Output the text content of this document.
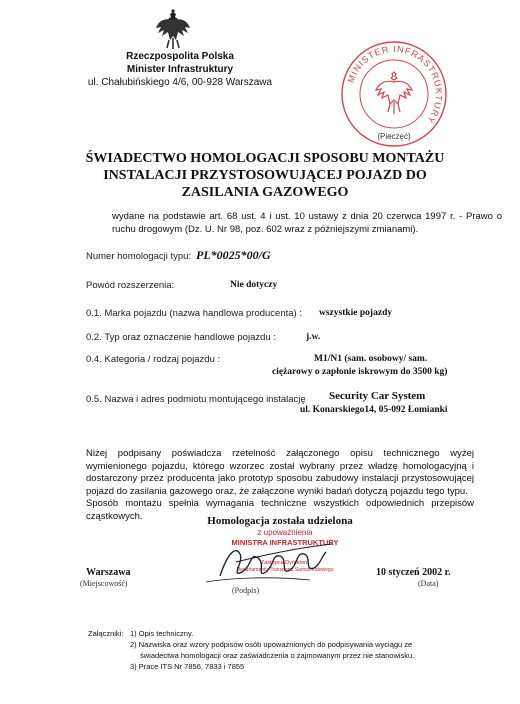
Rzeczpospolita Polska
Minister Infrastruktury
ul. Chałubińskiego 4/6, 00-928 Warszawa	MINISTER INFRASTRUKTURY
(Pieczęć)
ŚWIADECTWO HOMOLOGACJI SPOSOBU MONTAŻU
INSTALACJI PRZYSTOSOWUJĄCEJ POJAZD DO
ZASILANIA GAZOWEGO
wydane na podstawie art. 68 ust. 4 i ust. 10 ustawy z dnia 20 czerwca 1997 r. - Prawo o ruchu drogowym (Dz. U. Nr 98, poz. 602 wraz z późniejszymi zmianami).
Numer homologacji typu: PL*0025*00/G
Powód rozszerzenia:	Nie dotyczy
0.1. Marka pojazdu (nazwa handlowa producenta) : wszystkie pojazdy
0.2. Typ oraz oznaczenie handlowe pojazdu :	j.w.
0.4. Kategoria / rodzaj pojazdu :	M1/N1 (sam. osobowy/ sam.
ciężarowy o zapłonie iskrowym do 3500 kg)
0.5. Nazwa i adres podmiotu montującego instalację Security Car System
ul. Konarskiego14, 05-092 Łomianki
Niżej podpisany poświadcza rzetelność załączonego opisu technicznego wyżej wymienionego pojazdu, którego wzorzec został wybrany przez władzę homologacyjną i dostarczony przez producenta jako prototyp sposobu zabudowy instalacji przystosowującej pojazd do zasilania gazowego oraz, że załączone wyniki badań dotyczą pojazdu tego typu.
Sposób montażu spełnia wymagania techniczne wszystkich odpowiednich przepisów cząstkowych.	Homologacja została udzielona
z upoważnienia
MINISTRA INFRASTRUKTURY
Zastępca Dyrektora
Departamentu Transportu Samochodowego
Warszawa
(Miejscowość)
(Podpis)
10 styczeń 2002 r.
(Data)
Załączniki: 1) Opis techniczny.
2) Nazwiska oraz wzory podpisów osób upoważnionych do podpisywania wyciągu ze
świadectwa homologacji oraz zaświadczenia o zajmowanym przez nie stanowisku.
3) Prace ITS Nr 7856, 7833 i 7855
